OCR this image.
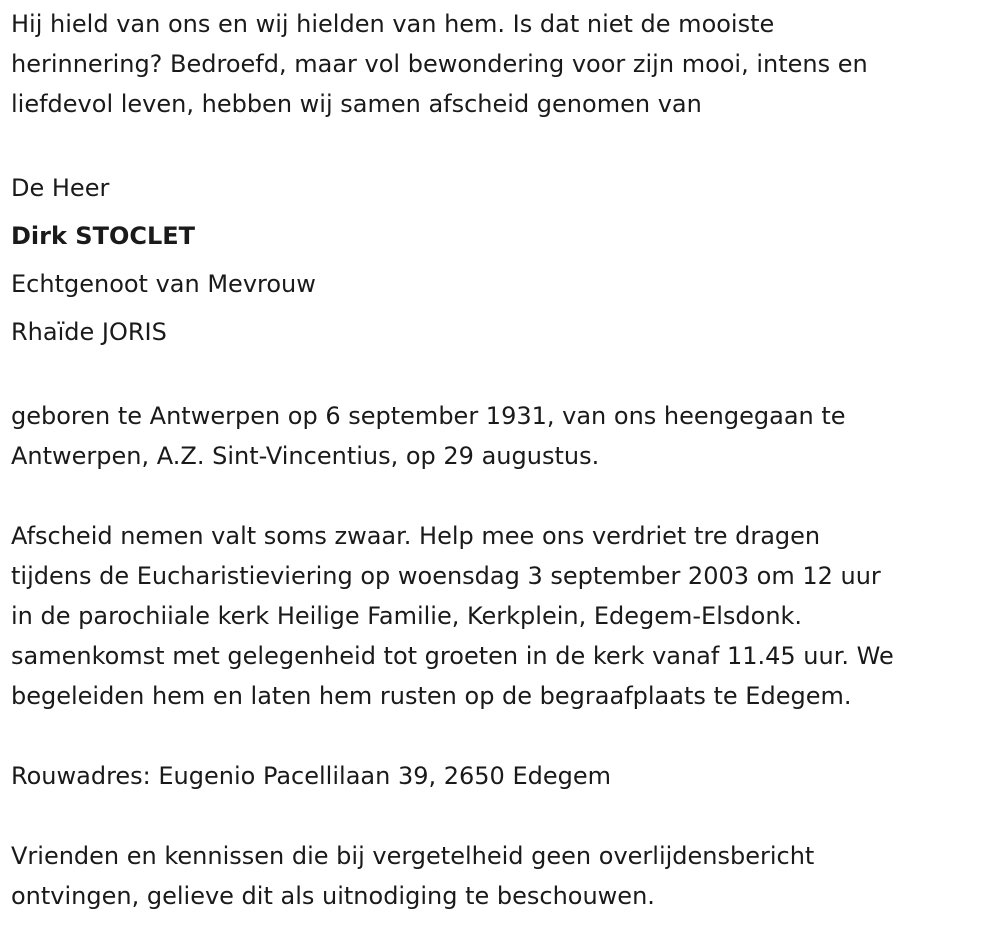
Hij hield van ons en wij hielden van hem. Is dat niet de mooiste

herinnering? Bedroefd, maar vol bewondering voor zijn mooi, intens en

liefdevol leven, hebben wij samen afscheid genomen van

De Heer

Dirk STOCLET

Echtgenoot van Mevrouw

Rhaïde JORIS

geboren te Antwerpen op 6 september 1931, van ons heengegaan te

Antwerpen, A.Z. Sint-Vincentius, op 29 augustus.

Afscheid nemen valt soms zwaar. Help mee ons verdriet tre dragen

tijdens de Eucharistieviering op woensdag 3 september 2003 om 12 uur

in de parochiiale kerk Heilige Familie, Kerkplein, Edegem-Elsdonk.

samenkomst met gelegenheid tot groeten in de kerk vanaf 11.45 uur. We

begeleiden hem en laten hem rusten op de begraafplaats te Edegem.

Rouwadres: Eugenio Pacellilaan 39, 2650 Edegem

Vrienden en kennissen die bij vergetelheid geen overlijdensbericht

ontvingen, gelieve dit als uitnodiging te beschouwen.
